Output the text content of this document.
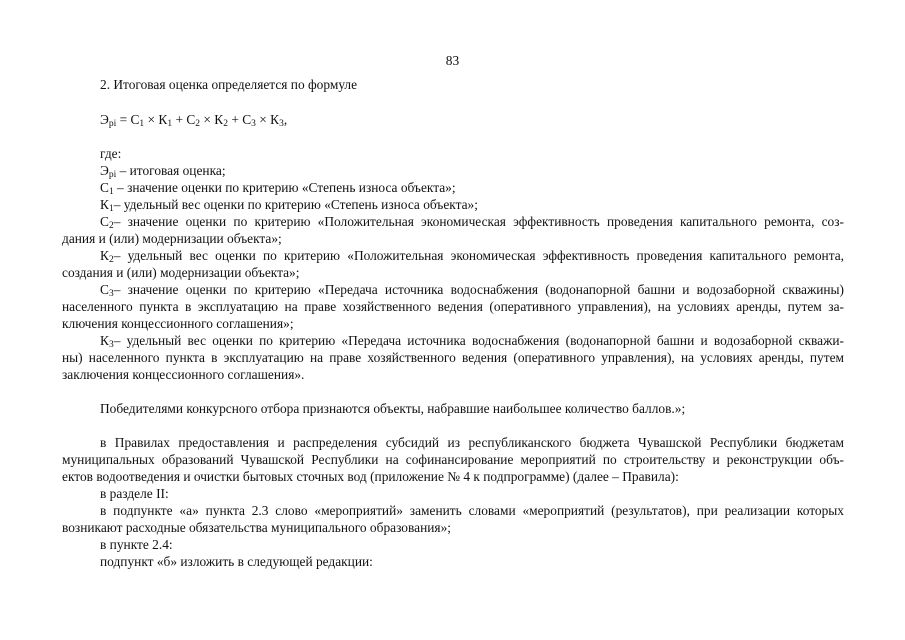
83
2. Итоговая оценка определяется по формуле
$Э_{рi} = С_1 \times К_1 + С_2 \times К_2 + С_3 \times К_3$,
где:
$Э_{рi}$ – итоговая оценка;
$С_1$ – значение оценки по критерию «Степень износа объекта»;
$К_1-$ удельный вес оценки по критерию «Степень износа объекта»;
$С_2-$ значение оценки по критерию «Положительная экономическая эффективность проведения капитального ремонта, соз-
дания и (или) модернизации объекта»;
$К_2-$ удельный вес оценки по критерию «Положительная экономическая эффективность проведения капитального ремонта,
создания и (или) модернизации объекта»;
$С_3-$ значение оценки по критерию «Передача источника водоснабжения (водонапорной башни и водозаборной скважины)
населенного пункта в эксплуатацию на праве хозяйственного ведения (оперативного управления), на условиях аренды, путем за-
ключения концессионного соглашения»;
$К_3-$ удельный вес оценки по критерию «Передача источника водоснабжения (водонапорной башни и водозаборной скважи-
ны) населенного пункта в эксплуатацию на праве хозяйственного ведения (оперативного управления), на условиях аренды, путем
заключения концессионного соглашения».
Победителями конкурсного отбора признаются объекты, набравшие наибольшее количество баллов.»;
в Правилах предоставления и распределения субсидий из республиканского бюджета Чувашской Республики бюджетам
муниципальных образований Чувашской Республики на софинансирование мероприятий по строительству и реконструкции объ-
ектов водоотведения и очистки бытовых сточных вод (приложение № 4 к подпрограмме) (далее – Правила):
в разделе II:
в подпункте «а» пункта 2.3 слово «мероприятий» заменить словами «мероприятий (результатов), при реализации которых
возникают расходные обязательства муниципального образования»;
в пункте 2.4:
подпункт «б» изложить в следующей редакции:
